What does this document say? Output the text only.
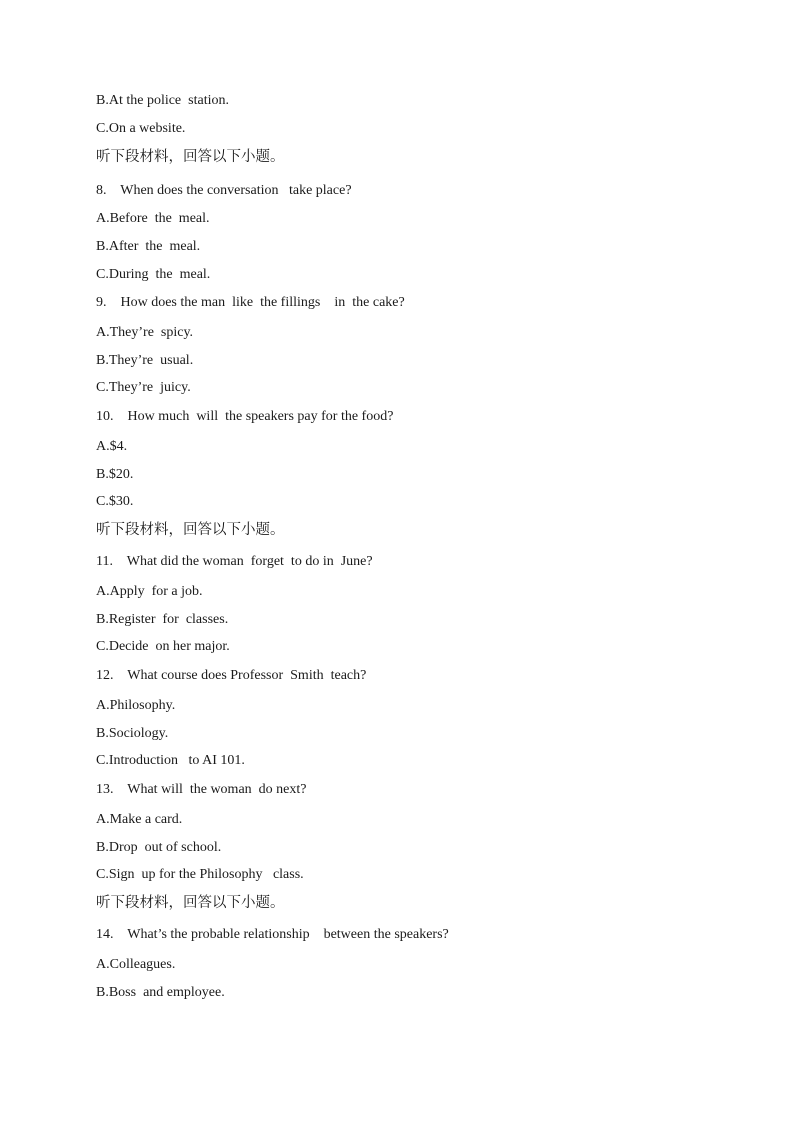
B.At the police  station.
C.On a website.
听下段材料，回答以下小题。
8.    When does the conversation   take place?
A.Before  the  meal.
B.After  the  meal.
C.During  the  meal.
9.    How does the man  like  the fillings    in  the cake?
A.They’re  spicy.
B.They’re  usual.
C.They’re  juicy.
10.    How much  will  the speakers pay for the food?
A.$4.
B.$20.
C.$30.
听下段材料，回答以下小题。
11.    What did the woman  forget  to do in  June?
A.Apply  for a job.
B.Register  for  classes.
C.Decide  on her major.
12.    What course does Professor  Smith  teach?
A.Philosophy.
B.Sociology.
C.Introduction   to AI 101.
13.    What will  the woman  do next?
A.Make a card.
B.Drop  out of school.
C.Sign  up for the Philosophy   class.
听下段材料，回答以下小题。
14.    What’s the probable relationship    between the speakers?
A.Colleagues.
B.Boss  and employee.
